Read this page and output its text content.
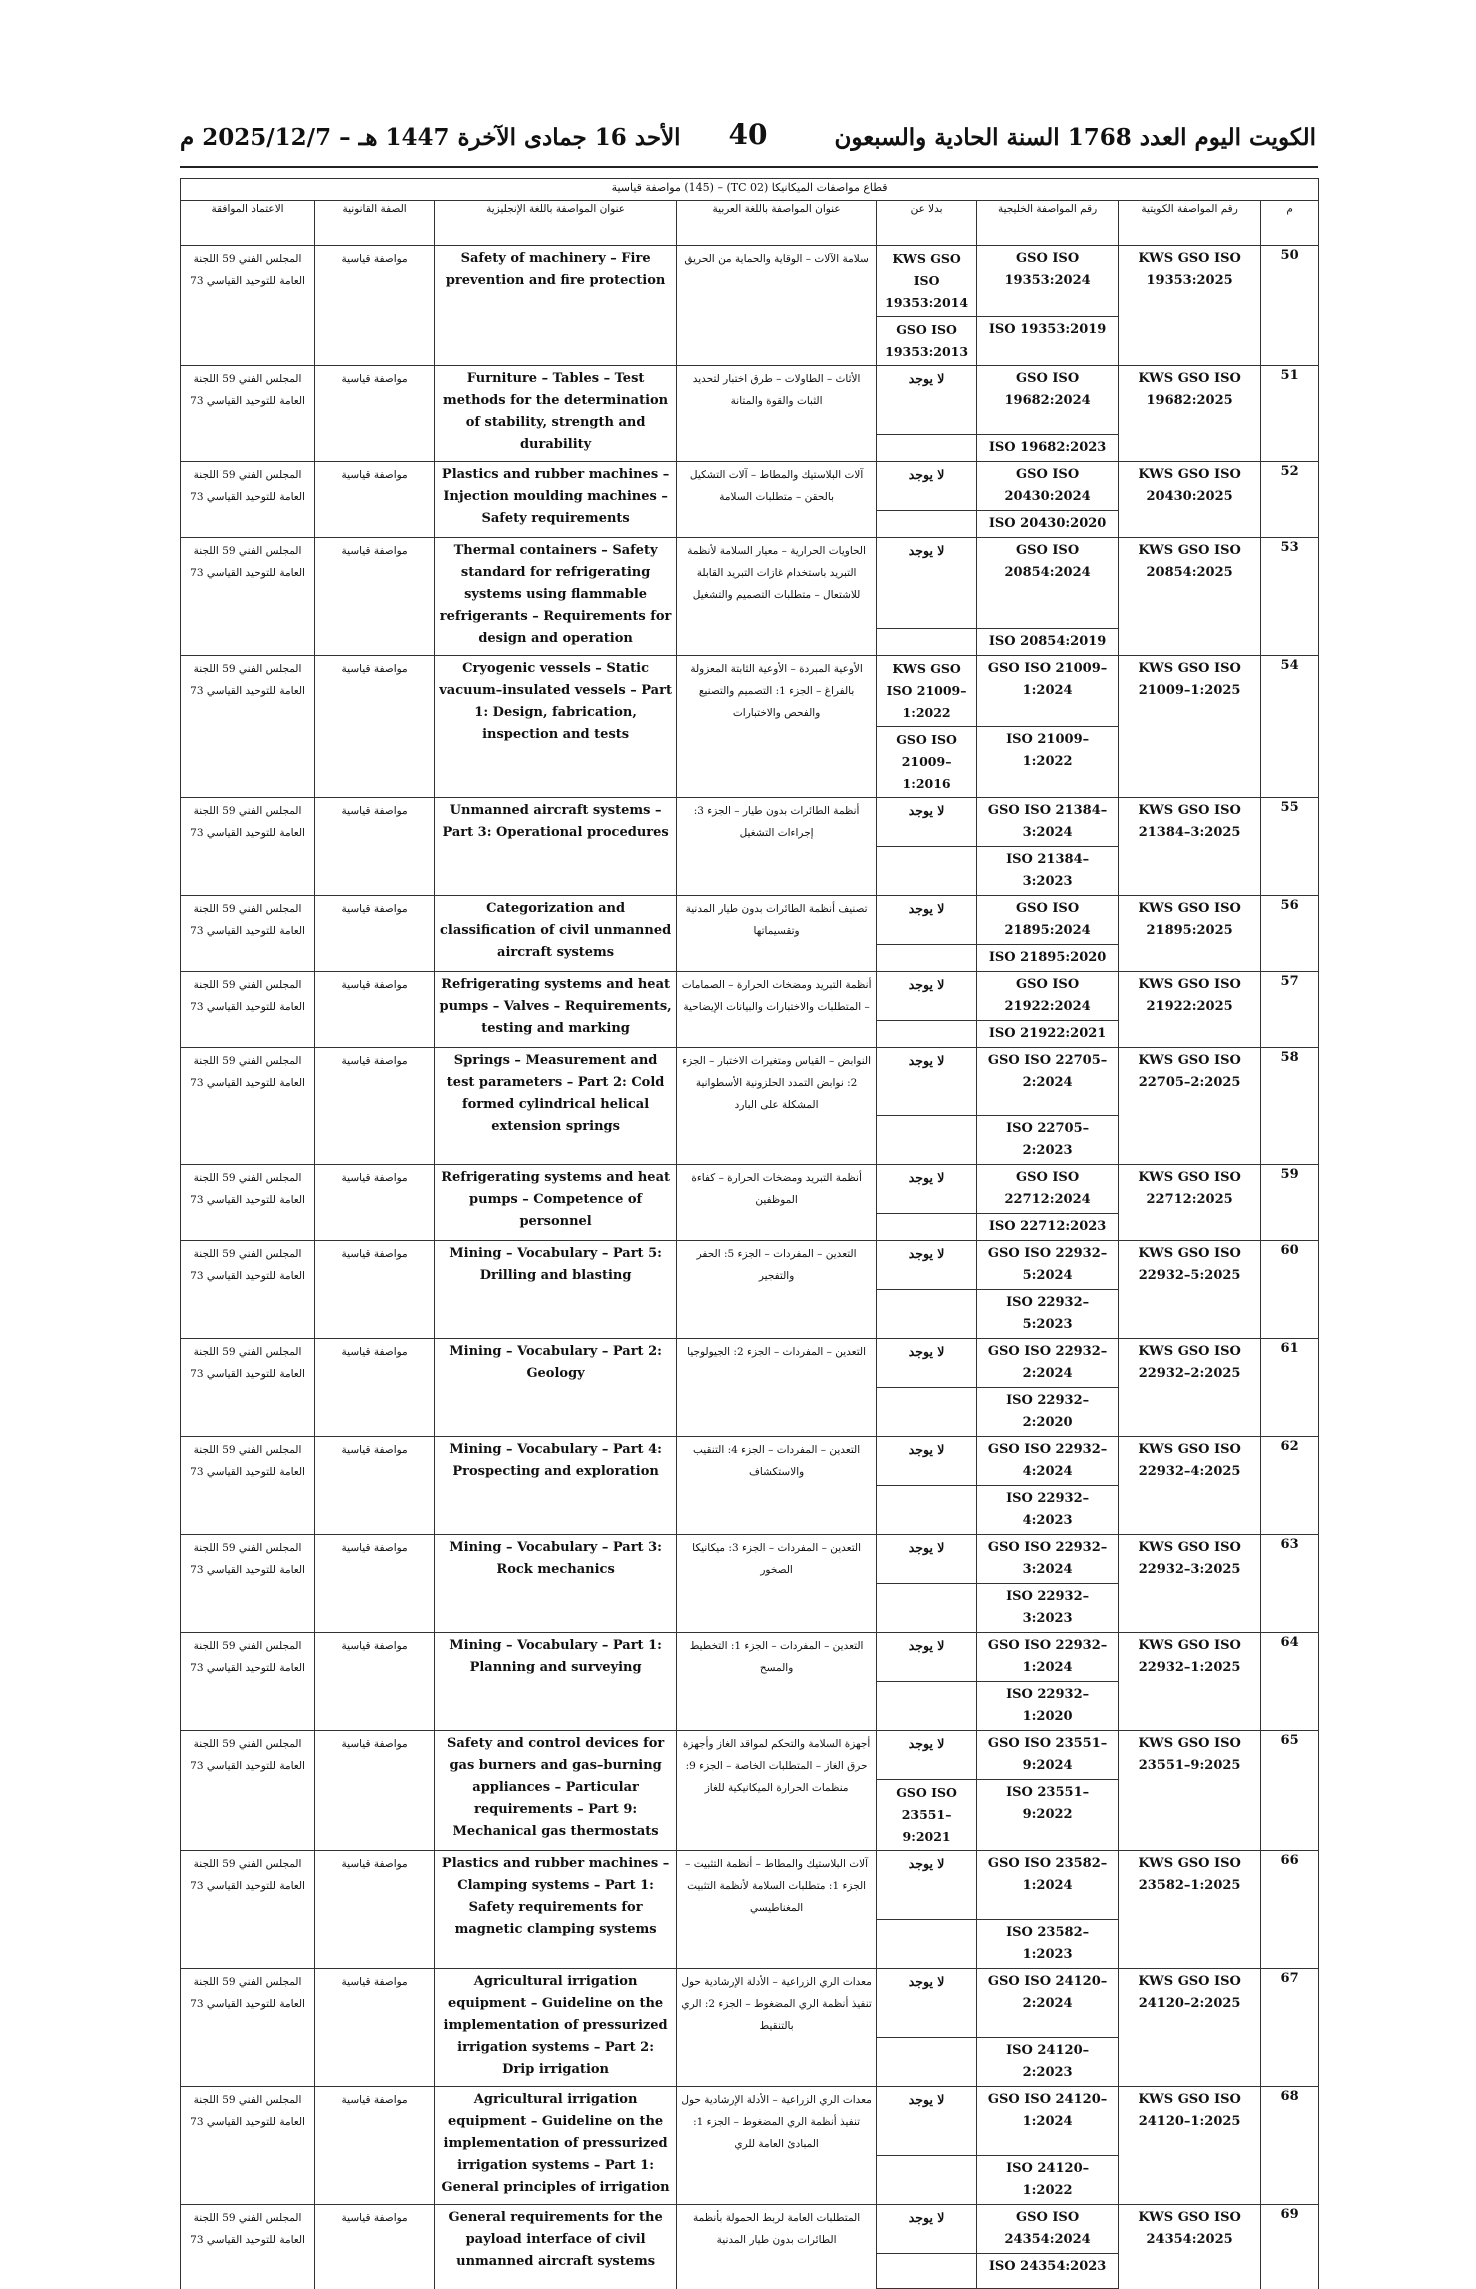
الكويت اليوم العدد 1768 السنة الحادية والسبعون
40
الأحد 16 جمادى الآخرة 1447 هـ – 2025/12/7 م
قطاع مواصفات الميكانيكا (TC 02) – (145) مواصفة قياسية							
م	رقم المواصفة الكويتية	رقم المواصفة الخليجية	بدلا عن	عنوان المواصفة باللغة العربية	عنوان المواصفة باللغة الإنجليزية	الصفة القانونية	الاعتماد الموافقة
50	KWS GSO ISO 19353:2025	GSO ISO 19353:2024	KWS GSO ISO 19353:2014	سلامة الآلات – الوقاية والحماية من الحريق	Safety of machinery – Fire prevention and fire protection	مواصفة قياسية	المجلس الفني 59 اللجنة العامة للتوحيد القياسي 73
		ISO 19353:2019	GSO ISO 19353:2013				
51	KWS GSO ISO 19682:2025	GSO ISO 19682:2024	لا يوجد	الأثاث – الطاولات – طرق اختبار لتحديد الثبات والقوة والمتانة	Furniture – Tables – Test methods for the determination of stability, strength and durability	مواصفة قياسية	المجلس الفني 59 اللجنة العامة للتوحيد القياسي 73
		ISO 19682:2023					
52	KWS GSO ISO 20430:2025	GSO ISO 20430:2024	لا يوجد	آلات البلاستيك والمطاط – آلات التشكيل بالحقن – متطلبات السلامة	Plastics and rubber machines – Injection moulding machines – Safety requirements	مواصفة قياسية	المجلس الفني 59 اللجنة العامة للتوحيد القياسي 73
		ISO 20430:2020					
53	KWS GSO ISO 20854:2025	GSO ISO 20854:2024	لا يوجد	الحاويات الحرارية – معيار السلامة لأنظمة التبريد باستخدام غازات التبريد القابلة للاشتعال – متطلبات التصميم والتشغيل	Thermal containers – Safety standard for refrigerating systems using flammable refrigerants – Requirements for design and operation	مواصفة قياسية	المجلس الفني 59 اللجنة العامة للتوحيد القياسي 73
		ISO 20854:2019					
54	KWS GSO ISO 21009–1:2025	GSO ISO 21009–1:2024	KWS GSO ISO 21009–1:2022	الأوعية المبردة – الأوعية الثابتة المعزولة بالفراغ – الجزء 1: التصميم والتصنيع والفحص والاختبارات	Cryogenic vessels – Static vacuum–insulated vessels – Part 1: Design, fabrication, inspection and tests	مواصفة قياسية	المجلس الفني 59 اللجنة العامة للتوحيد القياسي 73
		ISO 21009–1:2022	GSO ISO 21009–1:2016				
55	KWS GSO ISO 21384–3:2025	GSO ISO 21384–3:2024	لا يوجد	أنظمة الطائرات بدون طيار – الجزء 3: إجراءات التشغيل	Unmanned aircraft systems – Part 3: Operational procedures	مواصفة قياسية	المجلس الفني 59 اللجنة العامة للتوحيد القياسي 73
		ISO 21384–3:2023					
56	KWS GSO ISO 21895:2025	GSO ISO 21895:2024	لا يوجد	تصنيف أنظمة الطائرات بدون طيار المدنية وتقسيماتها	Categorization and classification of civil unmanned aircraft systems	مواصفة قياسية	المجلس الفني 59 اللجنة العامة للتوحيد القياسي 73
		ISO 21895:2020					
57	KWS GSO ISO 21922:2025	GSO ISO 21922:2024	لا يوجد	أنظمة التبريد ومضخات الحرارة – الصمامات – المتطلبات والاختبارات والبيانات الإيضاحية	Refrigerating systems and heat pumps – Valves – Requirements, testing and marking	مواصفة قياسية	المجلس الفني 59 اللجنة العامة للتوحيد القياسي 73
		ISO 21922:2021					
58	KWS GSO ISO 22705–2:2025	GSO ISO 22705–2:2024	لا يوجد	النوابض – القياس ومتغيرات الاختبار – الجزء 2: نوابض التمدد الحلزونية الأسطوانية المشكلة على البارد	Springs – Measurement and test parameters – Part 2: Cold formed cylindrical helical extension springs	مواصفة قياسية	المجلس الفني 59 اللجنة العامة للتوحيد القياسي 73
		ISO 22705–2:2023					
59	KWS GSO ISO 22712:2025	GSO ISO 22712:2024	لا يوجد	أنظمة التبريد ومضخات الحرارة – كفاءة الموظفين	Refrigerating systems and heat pumps – Competence of personnel	مواصفة قياسية	المجلس الفني 59 اللجنة العامة للتوحيد القياسي 73
		ISO 22712:2023					
60	KWS GSO ISO 22932–5:2025	GSO ISO 22932–5:2024	لا يوجد	التعدين – المفردات – الجزء 5: الحفر والتفجير	Mining – Vocabulary – Part 5: Drilling and blasting	مواصفة قياسية	المجلس الفني 59 اللجنة العامة للتوحيد القياسي 73
		ISO 22932–5:2023					
61	KWS GSO ISO 22932–2:2025	GSO ISO 22932–2:2024	لا يوجد	التعدين – المفردات – الجزء 2: الجيولوجيا	Mining – Vocabulary – Part 2: Geology	مواصفة قياسية	المجلس الفني 59 اللجنة العامة للتوحيد القياسي 73
		ISO 22932–2:2020					
62	KWS GSO ISO 22932–4:2025	GSO ISO 22932–4:2024	لا يوجد	التعدين – المفردات – الجزء 4: التنقيب والاستكشاف	Mining – Vocabulary – Part 4: Prospecting and exploration	مواصفة قياسية	المجلس الفني 59 اللجنة العامة للتوحيد القياسي 73
		ISO 22932–4:2023					
63	KWS GSO ISO 22932–3:2025	GSO ISO 22932–3:2024	لا يوجد	التعدين – المفردات – الجزء 3: ميكانيكا الصخور	Mining – Vocabulary – Part 3: Rock mechanics	مواصفة قياسية	المجلس الفني 59 اللجنة العامة للتوحيد القياسي 73
		ISO 22932–3:2023					
64	KWS GSO ISO 22932–1:2025	GSO ISO 22932–1:2024	لا يوجد	التعدين – المفردات – الجزء 1: التخطيط والمسح	Mining – Vocabulary – Part 1: Planning and surveying	مواصفة قياسية	المجلس الفني 59 اللجنة العامة للتوحيد القياسي 73
		ISO 22932–1:2020					
65	KWS GSO ISO 23551–9:2025	GSO ISO 23551–9:2024	لا يوجد	أجهزة السلامة والتحكم لمواقد الغاز وأجهزة حرق الغاز – المتطلبات الخاصة – الجزء 9: منظمات الحرارة الميكانيكية للغاز	Safety and control devices for gas burners and gas–burning appliances – Particular requirements – Part 9: Mechanical gas thermostats	مواصفة قياسية	المجلس الفني 59 اللجنة العامة للتوحيد القياسي 73
		ISO 23551–9:2022	GSO ISO 23551–9:2021				
66	KWS GSO ISO 23582–1:2025	GSO ISO 23582–1:2024	لا يوجد	آلات البلاستيك والمطاط – أنظمة التثبيت – الجزء 1: متطلبات السلامة لأنظمة التثبيت المغناطيسي	Plastics and rubber machines – Clamping systems – Part 1: Safety requirements for magnetic clamping systems	مواصفة قياسية	المجلس الفني 59 اللجنة العامة للتوحيد القياسي 73
		ISO 23582–1:2023					
67	KWS GSO ISO 24120–2:2025	GSO ISO 24120–2:2024	لا يوجد	معدات الري الزراعية – الأدلة الإرشادية حول تنفيذ أنظمة الري المضغوط – الجزء 2: الري بالتنقيط	Agricultural irrigation equipment – Guideline on the implementation of pressurized irrigation systems – Part 2: Drip irrigation	مواصفة قياسية	المجلس الفني 59 اللجنة العامة للتوحيد القياسي 73
		ISO 24120–2:2023					
68	KWS GSO ISO 24120–1:2025	GSO ISO 24120–1:2024	لا يوجد	معدات الري الزراعية – الأدلة الإرشادية حول تنفيذ أنظمة الري المضغوط – الجزء 1: المبادئ العامة للري	Agricultural irrigation equipment – Guideline on the implementation of pressurized irrigation systems – Part 1: General principles of irrigation	مواصفة قياسية	المجلس الفني 59 اللجنة العامة للتوحيد القياسي 73
		ISO 24120–1:2022					
69	KWS GSO ISO 24354:2025	GSO ISO 24354:2024	لا يوجد	المتطلبات العامة لربط الحمولة بأنظمة الطائرات بدون طيار المدنية	General requirements for the payload interface of civil unmanned aircraft systems	مواصفة قياسية	المجلس الفني 59 اللجنة العامة للتوحيد القياسي 73
		ISO 24354:2023					
